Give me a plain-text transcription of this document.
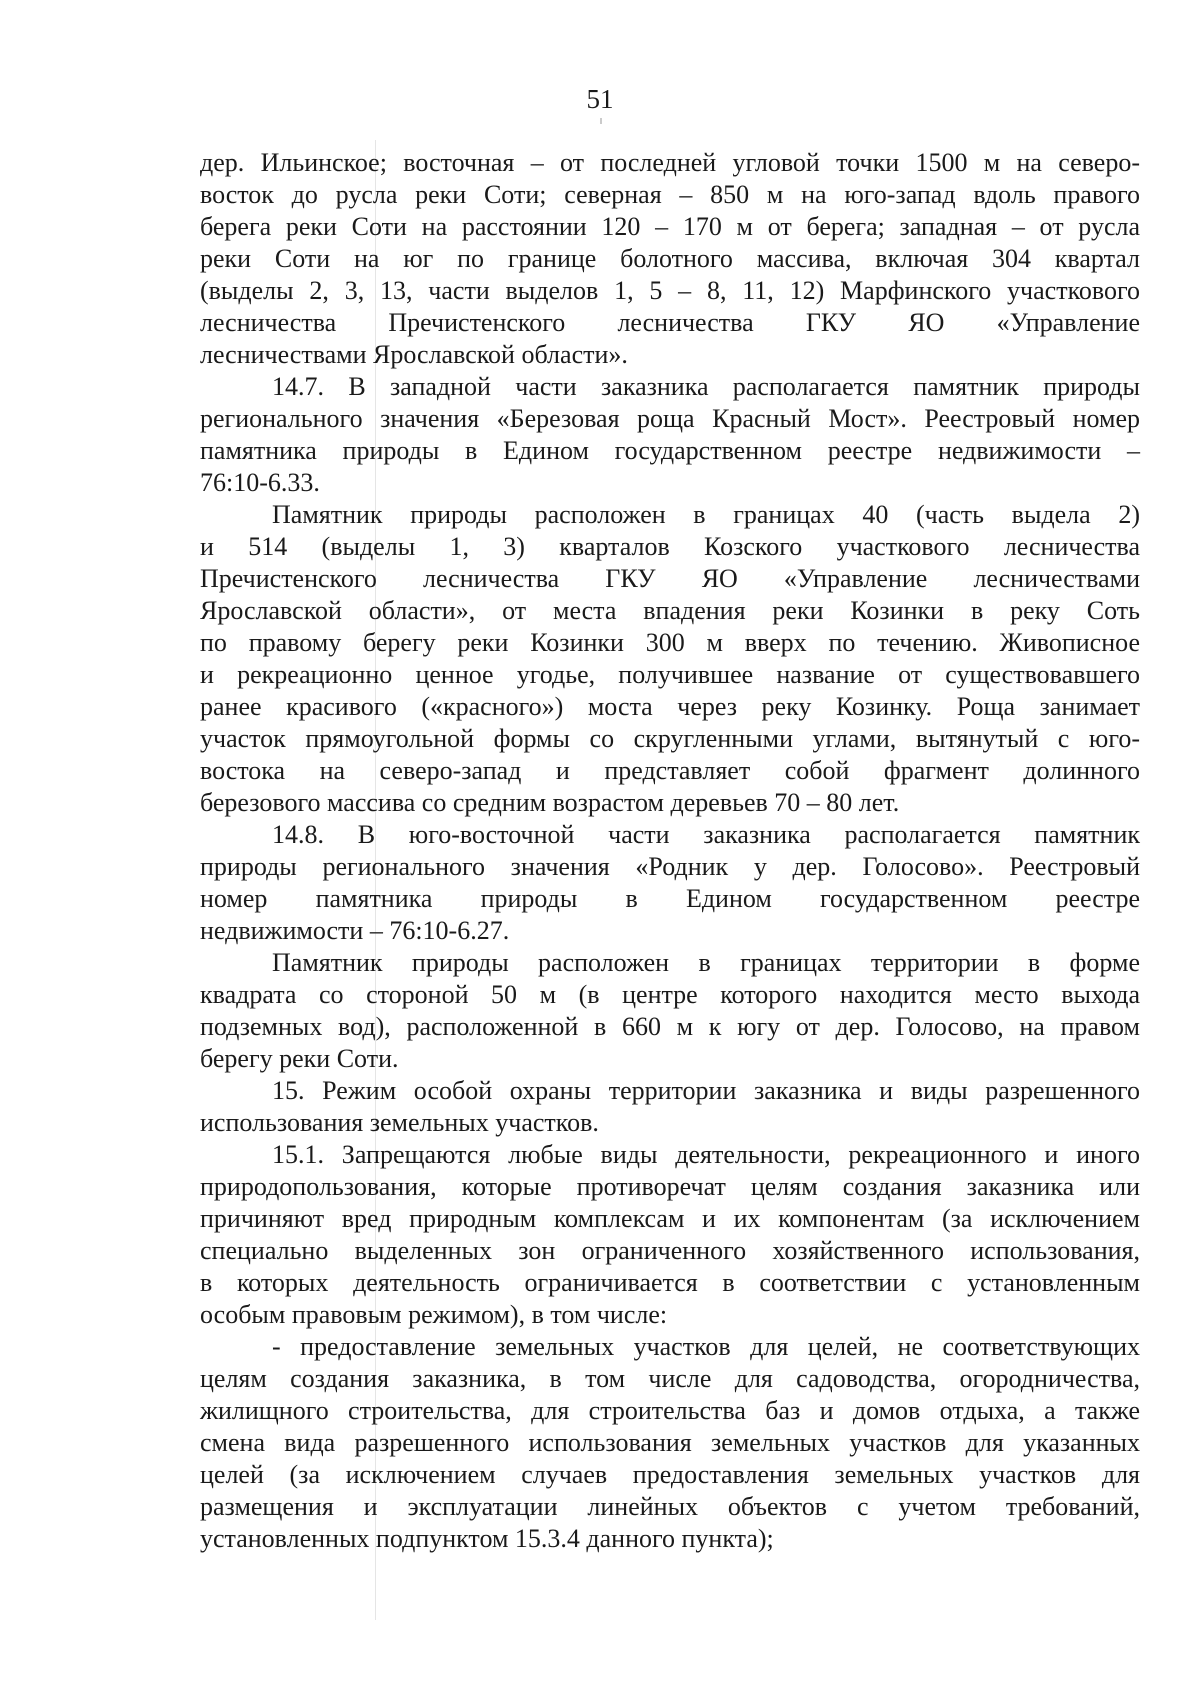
51
дер. Ильинское; восточная – от последней угловой точки 1500 м на северо-
восток до русла реки Соти; северная – 850 м на юго-запад вдоль правого
берега реки Соти на расстоянии 120 – 170 м от берега; западная – от русла
реки Соти на юг по границе болотного массива, включая 304 квартал
(выделы 2, 3, 13, части выделов 1, 5 – 8, 11, 12) Марфинского участкового
лесничества Пречистенского лесничества ГКУ ЯО «Управление
лесничествами Ярославской области».
14.7. В западной части заказника располагается памятник природы
регионального значения «Березовая роща Красный Мост». Реестровый номер
памятника природы в Едином государственном реестре недвижимости –
76:10-6.33.
Памятник природы расположен в границах 40 (часть выдела 2)
и 514 (выделы 1, 3) кварталов Козского участкового лесничества
Пречистенского лесничества ГКУ ЯО «Управление лесничествами
Ярославской области», от места впадения реки Козинки в реку Соть
по правому берегу реки Козинки 300 м вверх по течению. Живописное
и рекреационно ценное угодье, получившее название от существовавшего
ранее красивого («красного») моста через реку Козинку. Роща занимает
участок прямоугольной формы со скругленными углами, вытянутый с юго-
востока на северо-запад и представляет собой фрагмент долинного
березового массива со средним возрастом деревьев 70 – 80 лет.
14.8. В юго-восточной части заказника располагается памятник
природы регионального значения «Родник у дер. Голосово». Реестровый
номер памятника природы в Едином государственном реестре
недвижимости – 76:10-6.27.
Памятник природы расположен в границах территории в форме
квадрата со стороной 50 м (в центре которого находится место выхода
подземных вод), расположенной в 660 м к югу от дер. Голосово, на правом
берегу реки Соти.
15. Режим особой охраны территории заказника и виды разрешенного
использования земельных участков.
15.1. Запрещаются любые виды деятельности, рекреационного и иного
природопользования, которые противоречат целям создания заказника или
причиняют вред природным комплексам и их компонентам (за исключением
специально выделенных зон ограниченного хозяйственного использования,
в которых деятельность ограничивается в соответствии с установленным
особым правовым режимом), в том числе:
- предоставление земельных участков для целей, не соответствующих
целям создания заказника, в том числе для садоводства, огородничества,
жилищного строительства, для строительства баз и домов отдыха, а также
смена вида разрешенного использования земельных участков для указанных
целей (за исключением случаев предоставления земельных участков для
размещения и эксплуатации линейных объектов с учетом требований,
установленных подпунктом 15.3.4 данного пункта);
